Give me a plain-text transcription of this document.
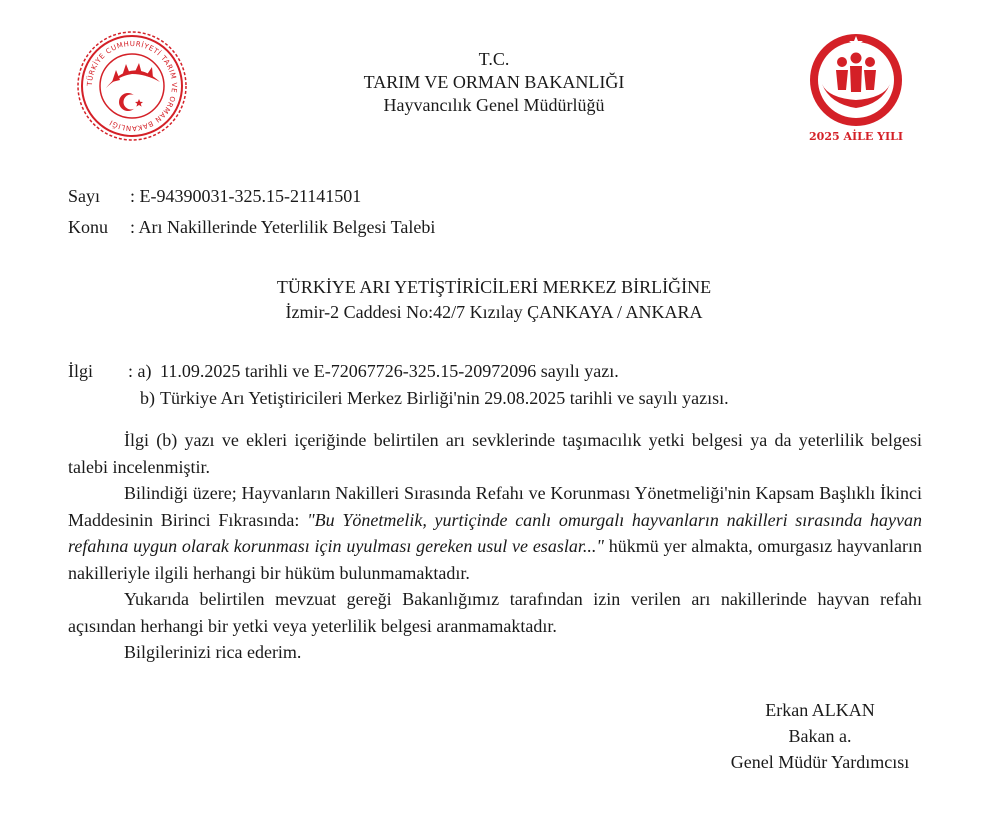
TÜRKİYE CUMHURİYETİ TARIM VE ORMAN BAKANLIĞI
T.C.
TARIM VE ORMAN BAKANLIĞI
Hayvancılık Genel Müdürlüğü
2025 AİLE YILI
Sayı : E-94390031-325.15-21141501
Konu : Arı Nakillerinde Yeterlilik Belgesi Talebi
TÜRKİYE ARI YETİŞTİRİCİLERİ MERKEZ BİRLİĞİNE
İzmir-2 Caddesi No:42/7 Kızılay ÇANKAYA / ANKARA
İlgi : a) 11.09.2025 tarihli ve E-72067726-325.15-20972096 sayılı yazı.
b) Türkiye Arı Yetiştiricileri Merkez Birliği'nin 29.08.2025 tarihli ve sayılı yazısı.

İlgi (b) yazı ve ekleri içeriğinde belirtilen arı sevklerinde taşımacılık yetki belgesi ya da yeterlilik belgesi talebi incelenmiştir.

Bilindiği üzere; Hayvanların Nakilleri Sırasında Refahı ve Korunması Yönetmeliği'nin Kapsam Başlıklı İkinci Maddesinin Birinci Fıkrasında: "Bu Yönetmelik, yurtiçinde canlı omurgalı hayvanların nakilleri sırasında hayvan refahına uygun olarak korunması için uyulması gereken usul ve esaslar..." hükmü yer almakta, omurgasız hayvanların nakilleriyle ilgili herhangi bir hüküm bulunmamaktadır.

Yukarıda belirtilen mevzuat gereği Bakanlığımız tarafından izin verilen arı nakillerinde hayvan refahı açısından herhangi bir yetki veya yeterlilik belgesi aranmamaktadır.

Bilgilerinizi rica ederim.

Erkan ALKAN
Bakan a.
Genel Müdür Yardımcısı
